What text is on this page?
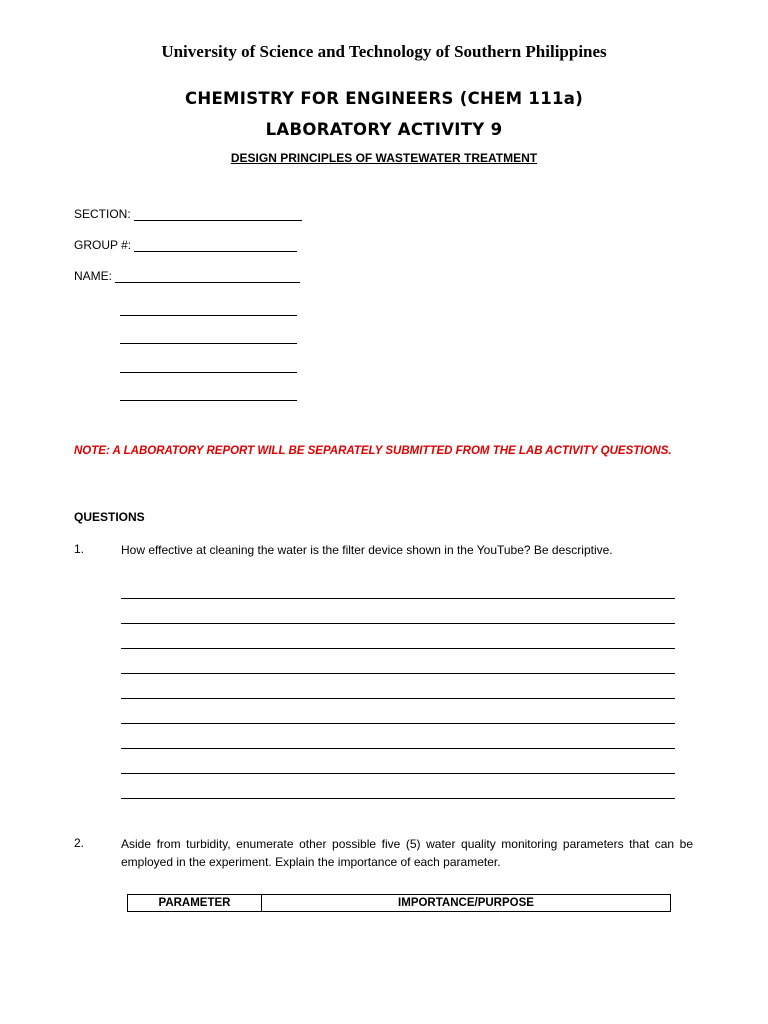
University of Science and Technology of Southern Philippines
CHEMISTRY FOR ENGINEERS (CHEM 111a)
LABORATORY ACTIVITY 9
DESIGN PRINCIPLES OF WASTEWATER TREATMENT
SECTION:
GROUP #:
NAME:
NOTE: A LABORATORY REPORT WILL BE SEPARATELY SUBMITTED FROM THE LAB ACTIVITY QUESTIONS.
QUESTIONS
1.	How effective at cleaning the water is the filter device shown in the YouTube? Be descriptive.
2.	Aside from turbidity, enumerate other possible five (5) water quality monitoring parameters that can be employed in the experiment. Explain the importance of each parameter.
PARAMETER	IMPORTANCE/PURPOSE
